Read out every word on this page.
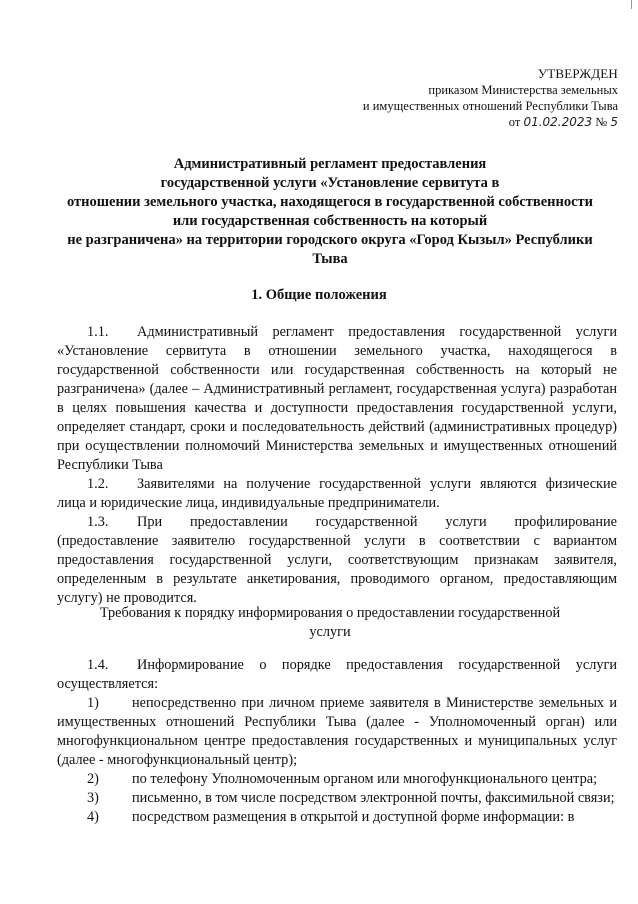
УТВЕРЖДЕН
приказом Министерства земельных
и имущественных отношений Республики Тыва
от 01.02.2023 № 5
Административный регламент предоставления
государственной услуги «Установление сервитута в
отношении земельного участка, находящегося в государственной собственности
или государственная собственность на который
не разграничена» на территории городского округа «Город Кызыл» Республики
Тыва
1. Общие положения
1.1. Административный регламент предоставления государственной услуги «Установление сервитута в отношении земельного участка, находящегося в государственной собственности или государственная собственность на который не разграничена» (далее – Административный регламент, государственная услуга) разработан в целях повышения качества и доступности предоставления государственной услуги, определяет стандарт, сроки и последовательность действий (административных процедур) при осуществлении полномочий Министерства земельных и имущественных отношений Республики Тыва
1.2. Заявителями на получение государственной услуги являются физические лица и юридические лица, индивидуальные предприниматели.
1.3. При предоставлении государственной услуги профилирование (предоставление заявителю государственной услуги в соответствии с вариантом предоставления государственной услуги, соответствующим признакам заявителя, определенным в результате анкетирования, проводимого органом, предоставляющим услугу) не проводится.
Требования к порядку информирования о предоставлении государственной
услуги
1.4. Информирование о порядке предоставления государственной услуги осуществляется:
1) непосредственно при личном приеме заявителя в Министерстве земельных и имущественных отношений Республики Тыва (далее - Уполномоченный орган) или многофункциональном центре предоставления государственных и муниципальных услуг (далее - многофункциональный центр);
2) по телефону Уполномоченным органом или многофункционального центра;
3) письменно, в том числе посредством электронной почты, факсимильной связи;
4) посредством размещения в открытой и доступной форме информации: в
